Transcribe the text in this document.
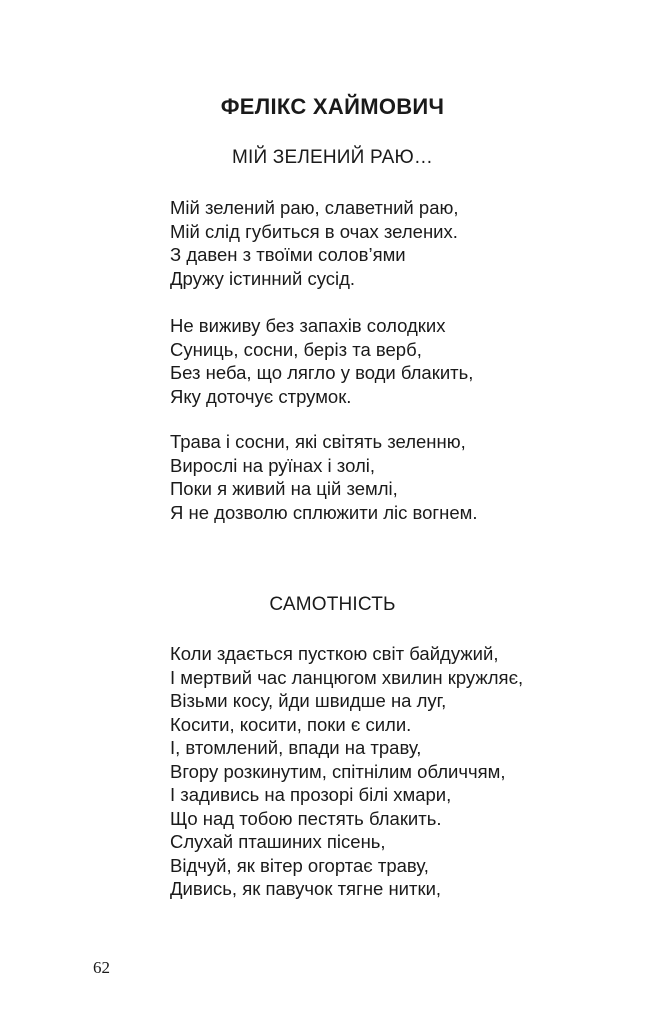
ФЕЛІКС ХАЙМОВИЧ
МІЙ ЗЕЛЕНИЙ РАЮ…
Мій зелений раю, славетний раю,
Мій слід губиться в очах зелених.
З давен з твоїми солов’ями
Дружу істинний сусід.
Не виживу без запахів солодких
Суниць, сосни, беріз та верб,
Без неба, що лягло у води блакить,
Яку доточує струмок.
Трава і сосни, які світять зеленню,
Вирослі на руїнах і золі,
Поки я живий на цій землі,
Я не дозволю сплюжити ліс вогнем.
САМОТНІСТЬ
Коли здається пусткою світ байдужий,
І мертвий час ланцюгом хвилин кружляє,
Візьми косу, йди швидше на луг,
Косити, косити, поки є сили.
І, втомлений, впади на траву,
Вгору розкинутим, спітнілим обличчям,
І задивись на прозорі білі хмари,
Що над тобою пестять блакить.
Слухай пташиних пісень,
Відчуй, як вітер огортає траву,
Дивись, як павучок тягне нитки,
62
